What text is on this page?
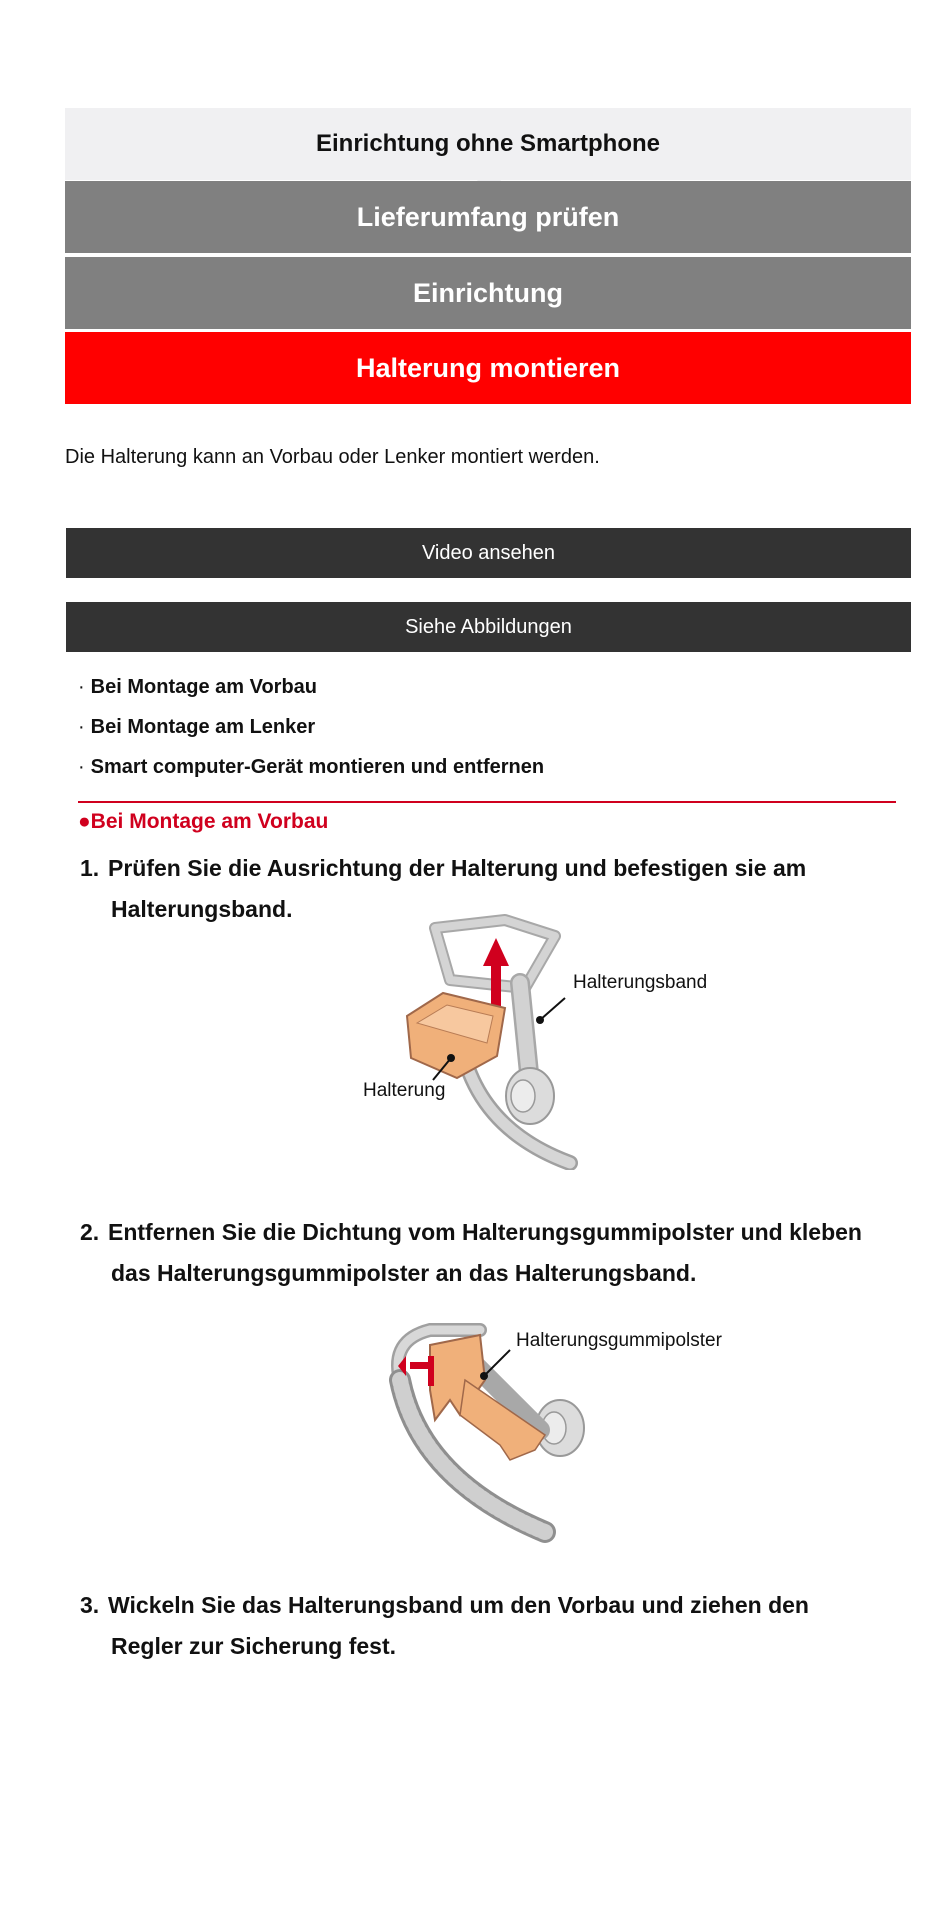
Einrichtung ohne Smartphone
Lieferumfang prüfen
Einrichtung
Halterung montieren
Die Halterung kann an Vorbau oder Lenker montiert werden.
Video ansehen
Siehe Abbildungen
· Bei Montage am Vorbau
· Bei Montage am Lenker
· Smart computer-Gerät montieren und entfernen
●Bei Montage am Vorbau
1. Prüfen Sie die Ausrichtung der Halterung und befestigen sie am
Halterungsband.
Halterungsband
Halterung
2. Entfernen Sie die Dichtung vom Halterungsgummipolster und kleben
das Halterungsgummipolster an das Halterungsband.
Halterungsgummipolster
3. Wickeln Sie das Halterungsband um den Vorbau und ziehen den
Regler zur Sicherung fest.
